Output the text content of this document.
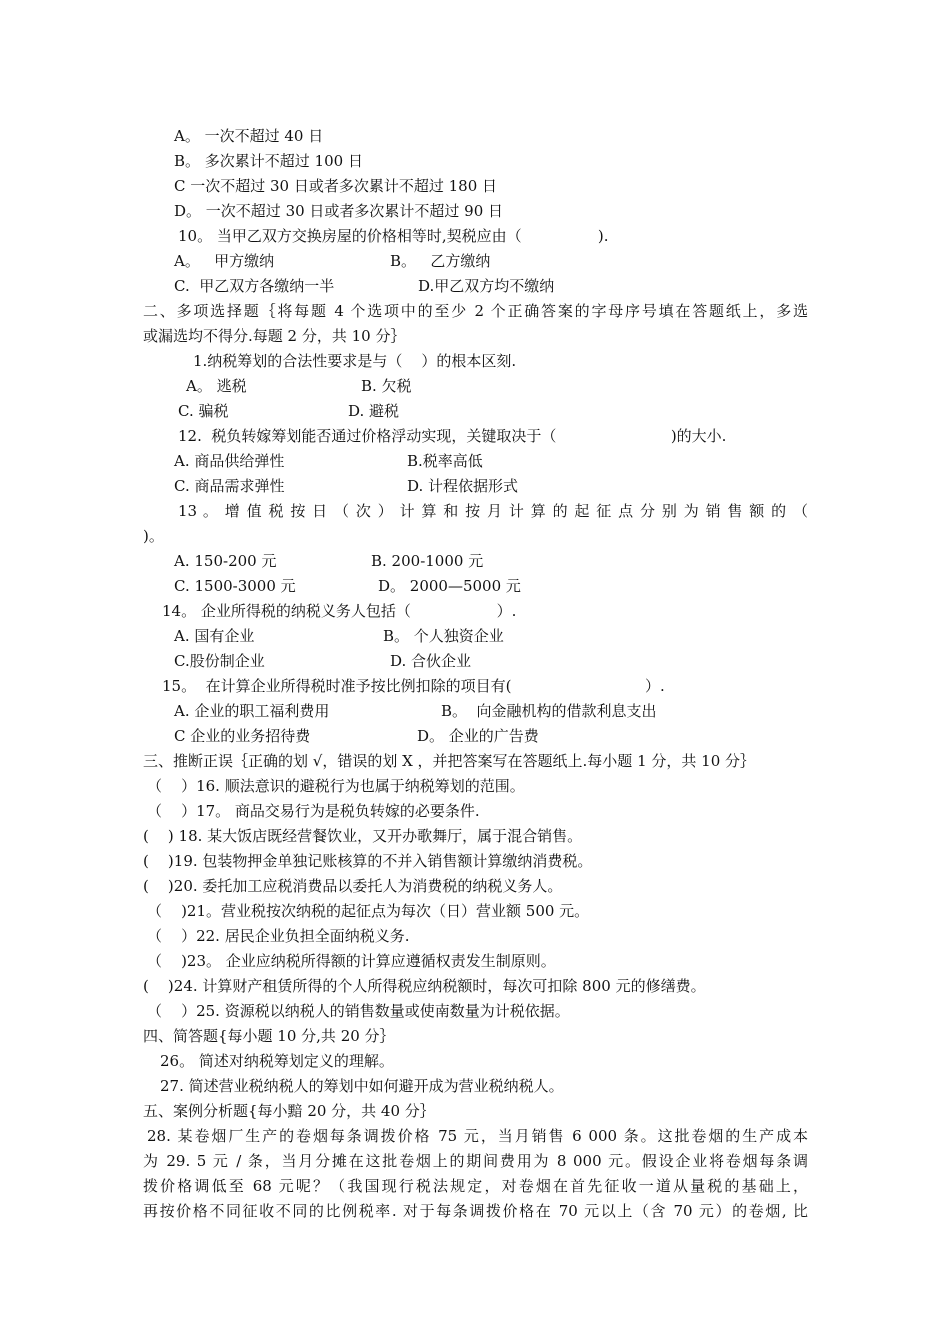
A。 一次不超过 40 日
B。 多次累计不超过 100 日
C 一次不超过 30 日或者多次累计不超过 180 日
D。 一次不超过 30 日或者多次累计不超过 90 日
10。 当甲乙双方交换房屋的价格相等时,契税应由（                ).
A。   甲方缴纳	B。   乙方缴纳
C.  甲乙双方各缴纳一半	D.甲乙双方均不缴纳
二、多项选择题｛将每题 4 个选项中的至少 2 个正确答案的字母序号填在答题纸上，多选
或漏选均不得分.每题 2 分，共 10 分｝
1.纳税筹划的合法性要求是与（    ）的根本区刻.
A。 逃税	B. 欠税
C. 骗税	D. 避税
12.  税负转嫁筹划能否通过价格浮动实现，关键取决于（                        )的大小.
A. 商品供给弹性	B.税率高低
C. 商品需求弹性	D. 计程依据形式
13 。 增 值 税 按 日 （ 次 ） 计 算 和 按 月 计 算 的 起 征 点 分 别 为 销 售 额 的 （
)。
A. 150-200 元	B. 200-1000 元
C. 1500-3000 元	D。 2000—5000 元
14。 企业所得税的纳税义务人包括（                  ）.
A. 国有企业	B。 个人独资企业
C.股份制企业	D. 合伙企业
15。  在计算企业所得税时准予按比例扣除的项目有(                            ）.
A. 企业的职工福利费用	B。  向金融机构的借款利息支出
C 企业的业务招待费	D。 企业的广告费
三、推断正误｛正确的划 √，错误的划 X ，并把答案写在答题纸上.每小题 1 分，共 10 分｝
（    ）16. 顺法意识的避税行为也属于纳税筹划的范围。
（    ）17。 商品交易行为是税负转嫁的必要条件.
(    ) 18. 某大饭店既经营餐饮业，又开办歌舞厅，属于混合销售。
(    )19. 包装物押金单独记账核算的不并入销售额计算缴纳消费税。
(    )20. 委托加工应税消费品以委托人为消费税的纳税义务人。
（    )21。营业税按次纳税的起征点为每次（日）营业额 500 元。
（    ）22. 居民企业负担全面纳税义务.
（    )23。 企业应纳税所得额的计算应遵循权责发生制原则。
(    )24. 计算财产租赁所得的个人所得税应纳税额时，每次可扣除 800 元的修缮费。
（    ）25. 资源税以纳税人的销售数量或使南数量为计税依据。
四、简答题{每小题 10 分,共 20 分｝
26。 简述对纳税筹划定义的理解。
27. 简述营业税纳税人的筹划中如何避开成为营业税纳税人。
五、案例分析题{每小黯 20 分，共 40 分｝
28. 某卷烟厂生产的卷烟每条调拨价格 75 元，当月销售 6 000 条。这批卷烟的生产成本
为 29. 5 元 / 条，当月分摊在这批卷烟上的期间费用为 8 000 元。假设企业将卷烟每条调
拨价格调低至 68 元呢？（我国现行税法规定，对卷烟在首先征收一道从量税的基础上，
再按价格不同征收不同的比例税率. 对于每条调拨价格在 70 元以上（含 70 元）的卷烟, 比
